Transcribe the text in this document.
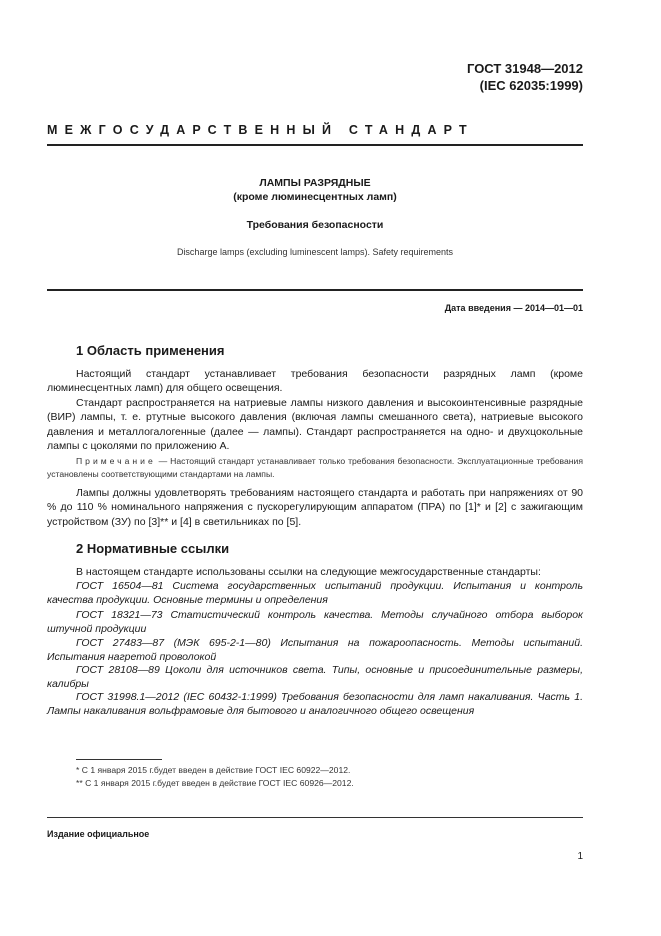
ГОСТ 31948—2012
(IEC 62035:1999)
МЕЖГОСУДАРСТВЕННЫЙ СТАНДАРТ
ЛАМПЫ РАЗРЯДНЫЕ
(кроме люминесцентных ламп)
Требования безопасности
Discharge lamps (excluding luminescent lamps). Safety requirements
Дата введения — 2014—01—01
1 Область применения

Настоящий стандарт устанавливает требования безопасности разрядных ламп (кроме люминесцентных ламп) для общего освещения.

Стандарт распространяется на натриевые лампы низкого давления и высокоинтенсивные разрядные (ВИР) лампы, т. е. ртутные высокого давления (включая лампы смешанного света), натриевые высокого давления и металлогалогенные (далее — лампы). Стандарт распространяется на одно- и двухцокольные лампы с цоколями по приложению А.

Примечание — Настоящий стандарт устанавливает только требования безопасности. Эксплуатационные требования установлены соответствующими стандартами на лампы.

Лампы должны удовлетворять требованиям настоящего стандарта и работать при напряжениях от 90 % до 110 % номинального напряжения с пускорегулирующим аппаратом (ПРА) по [1]* и [2] с зажигающим устройством (ЗУ) по [3]** и [4] в светильниках по [5].

2 Нормативные ссылки

В настоящем стандарте использованы ссылки на следующие межгосударственные стандарты:

ГОСТ 16504—81 Система государственных испытаний продукции. Испытания и контроль качества продукции. Основные термины и определения

ГОСТ 18321—73 Статистический контроль качества. Методы случайного отбора выборок штучной продукции

ГОСТ 27483—87 (МЭК 695-2-1—80) Испытания на пожароопасность. Методы испытаний. Испытания нагретой проволокой

ГОСТ 28108—89 Цоколи для источников света. Типы, основные и присоединительные размеры, калибры

ГОСТ 31998.1—2012 (IEC 60432-1:1999) Требования безопасности для ламп накаливания. Часть 1. Лампы накаливания вольфрамовые для бытового и аналогичного общего освещения

* С 1 января 2015 г.будет введен в действие ГОСТ IEC 60922—2012.
** С 1 января 2015 г.будет введен в действие ГОСТ IEC 60926—2012.
Издание официальное
1
